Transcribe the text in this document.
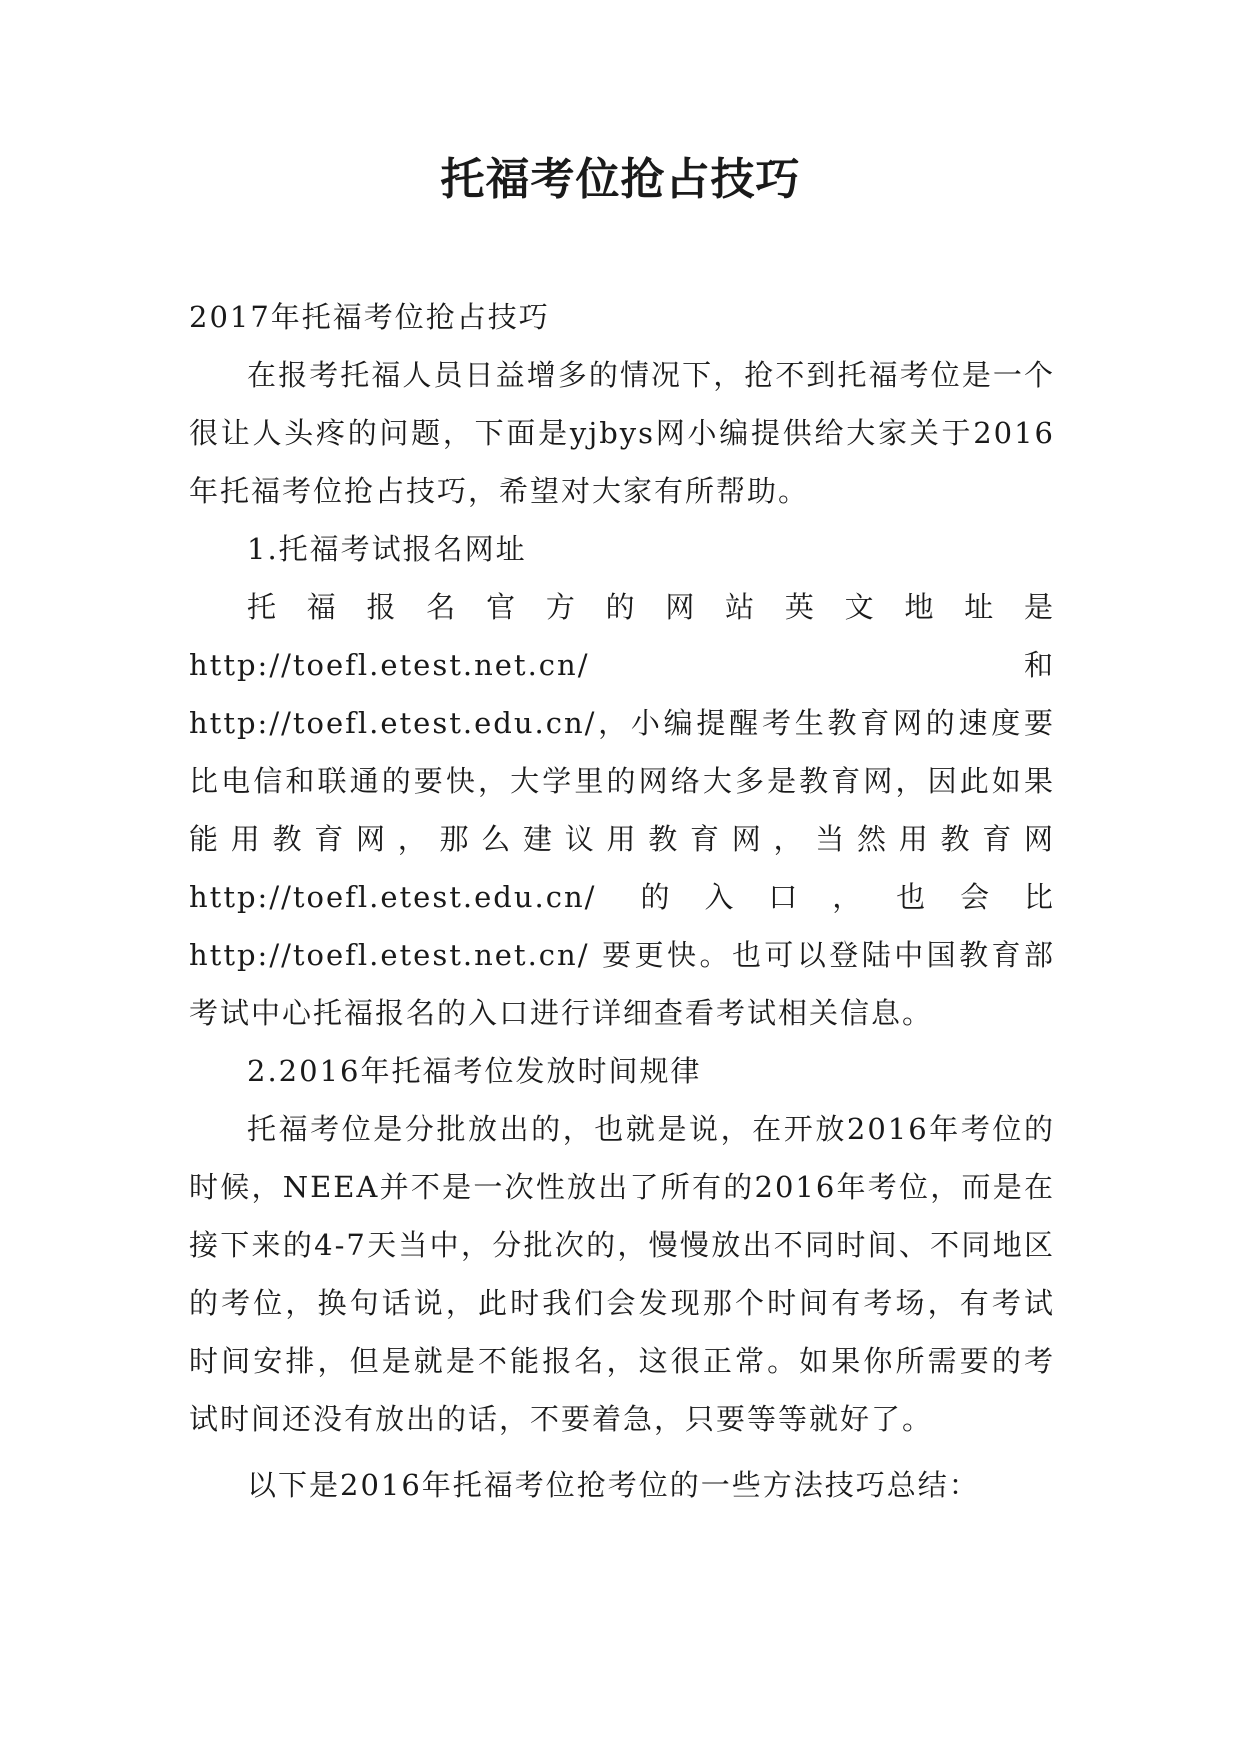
托福考位抢占技巧

2017年托福考位抢占技巧

在报考托福人员日益增多的情况下，抢不到托福考位是一个很让人头疼的问题，下面是yjbys网小编提供给大家关于2016年托福考位抢占技巧，希望对大家有所帮助。

1.托福考试报名网址

托福报名官方的网站英文地址是 http://toefl.etest.net.cn/ 和 http://toefl.etest.edu.cn/，小编提醒考生教育网的速度要比电信和联通的要快，大学里的网络大多是教育网，因此如果能用教育网，那么建议用教育网，当然用教育网 http://toefl.etest.edu.cn/ 的入口，也会比 http://toefl.etest.net.cn/ 要更快。也可以登陆中国教育部考试中心托福报名的入口进行详细查看考试相关信息。

2.2016年托福考位发放时间规律

托福考位是分批放出的，也就是说，在开放2016年考位的时候，NEEA并不是一次性放出了所有的2016年考位，而是在接下来的4-7天当中，分批次的，慢慢放出不同时间、不同地区的考位，换句话说，此时我们会发现那个时间有考场，有考试时间安排，但是就是不能报名，这很正常。如果你所需要的考试时间还没有放出的话，不要着急，只要等等就好了。

以下是2016年托福考位抢考位的一些方法技巧总结：
